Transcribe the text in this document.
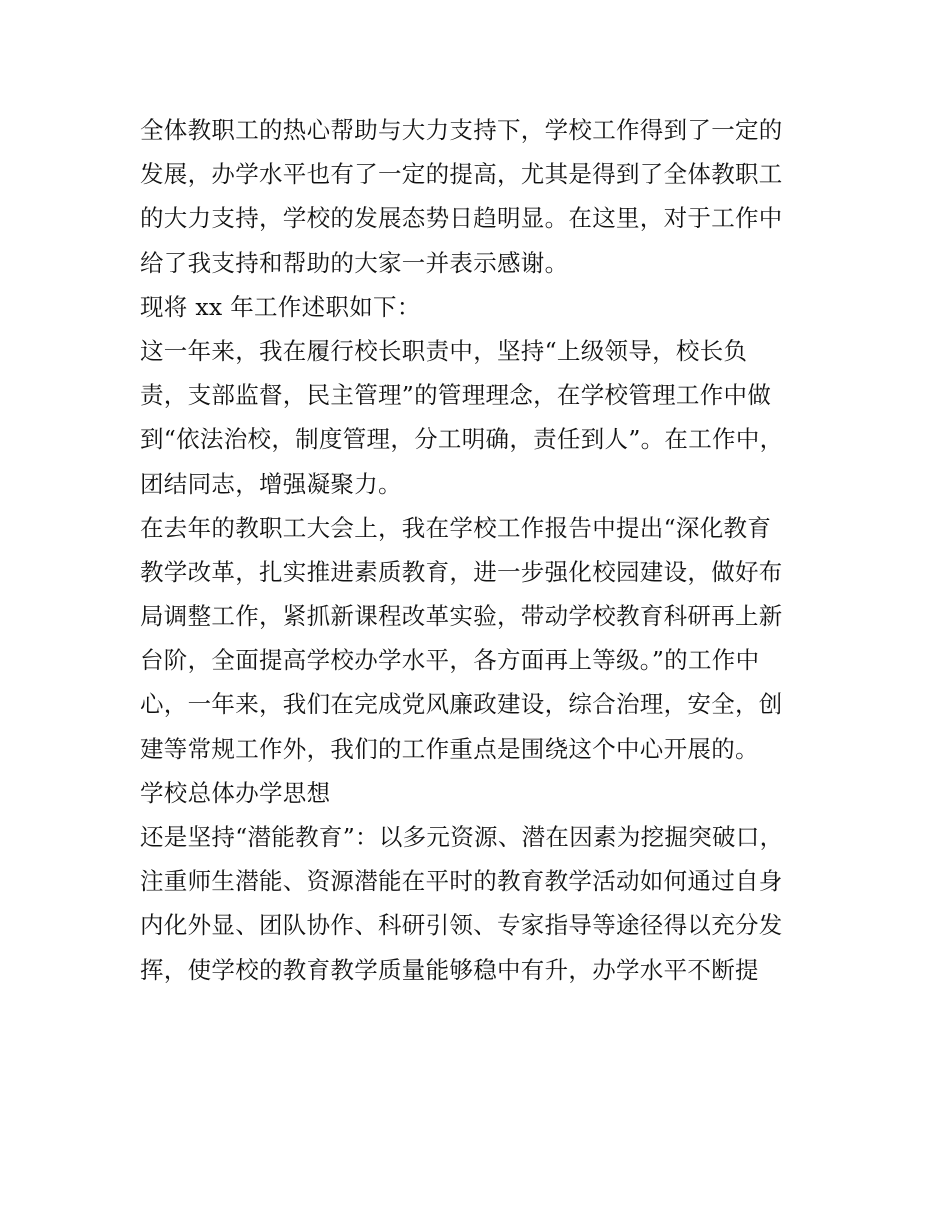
全体教职工的热心帮助与大力支持下，学校工作得到了一定的
发展，办学水平也有了一定的提高，尤其是得到了全体教职工
的大力支持，学校的发展态势日趋明显。在这里，对于工作中
给了我支持和帮助的大家一并表示感谢。
现将 xx 年工作述职如下：
这一年来，我在履行校长职责中，坚持“上级领导，校长负
责，支部监督，民主管理”的管理理念，在学校管理工作中做
到“依法治校，制度管理，分工明确，责任到人”。在工作中，
团结同志，增强凝聚力。
在去年的教职工大会上，我在学校工作报告中提出“深化教育
教学改革，扎实推进素质教育，进一步强化校园建设，做好布
局调整工作，紧抓新课程改革实验，带动学校教育科研再上新
台阶，全面提高学校办学水平，各方面再上等级。”的工作中
心，一年来，我们在完成党风廉政建设，综合治理，安全，创
建等常规工作外，我们的工作重点是围绕这个中心开展的。
学校总体办学思想
还是坚持“潜能教育”：以多元资源、潜在因素为挖掘突破口，
注重师生潜能、资源潜能在平时的教育教学活动如何通过自身
内化外显、团队协作、科研引领、专家指导等途径得以充分发
挥，使学校的教育教学质量能够稳中有升，办学水平不断提
